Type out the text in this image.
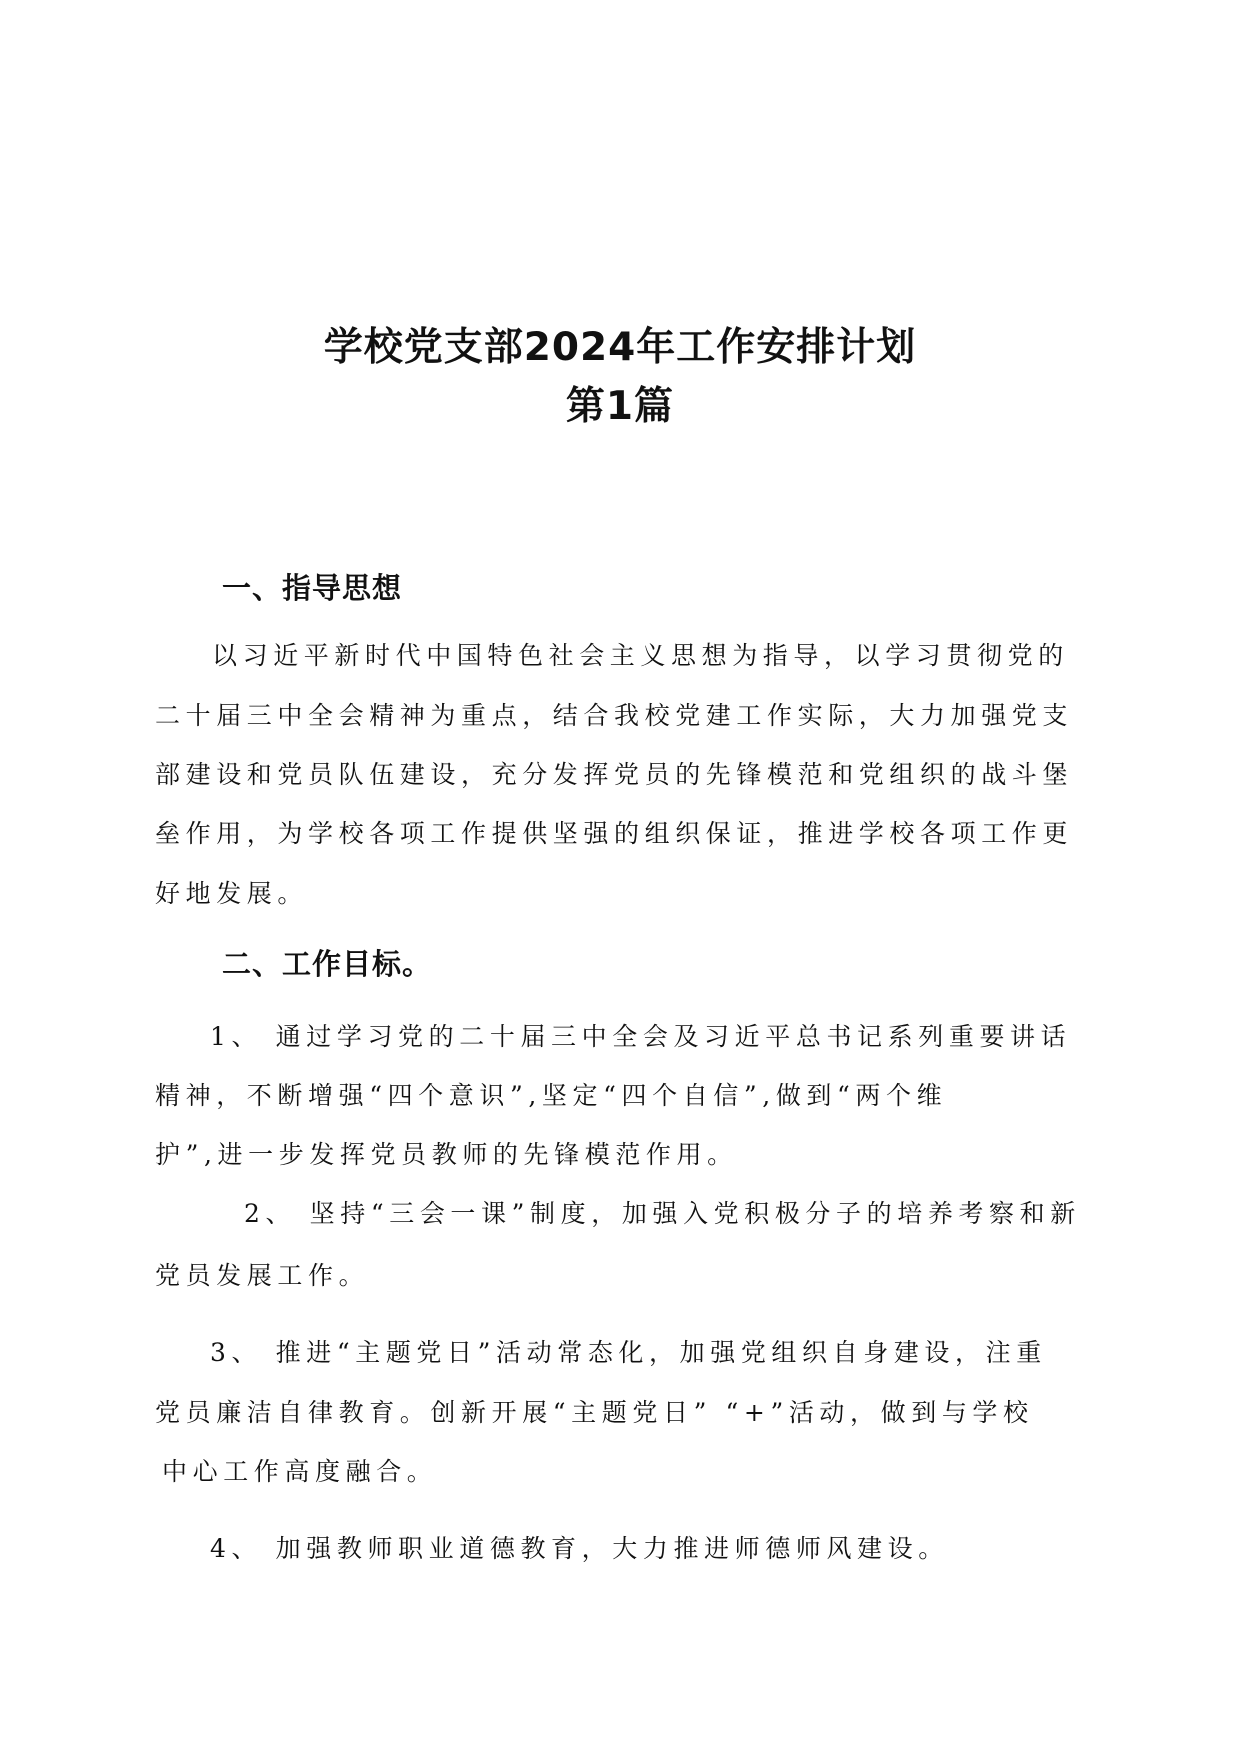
学校党支部2024年工作安排计划
第1篇
一、指导思想
以习近平新时代中国特色社会主义思想为指导，以学习贯彻党的
二十届三中全会精神为重点，结合我校党建工作实际，大力加强党支
部建设和党员队伍建设，充分发挥党员的先锋模范和党组织的战斗堡
垒作用，为学校各项工作提供坚强的组织保证，推进学校各项工作更
好地发展。
二、工作目标。
1、 通过学习党的二十届三中全会及习近平总书记系列重要讲话
精神，不断增强“四个意识”,坚定“四个自信”,做到“两个维
护”,进一步发挥党员教师的先锋模范作用。
2、 坚持“三会一课”制度，加强入党积极分子的培养考察和新
党员发展工作。
3、 推进“主题党日”活动常态化，加强党组织自身建设，注重
党员廉洁自律教育。创新开展“主题党日” “+”活动，做到与学校
中心工作高度融合。
4、 加强教师职业道德教育，大力推进师德师风建设。
